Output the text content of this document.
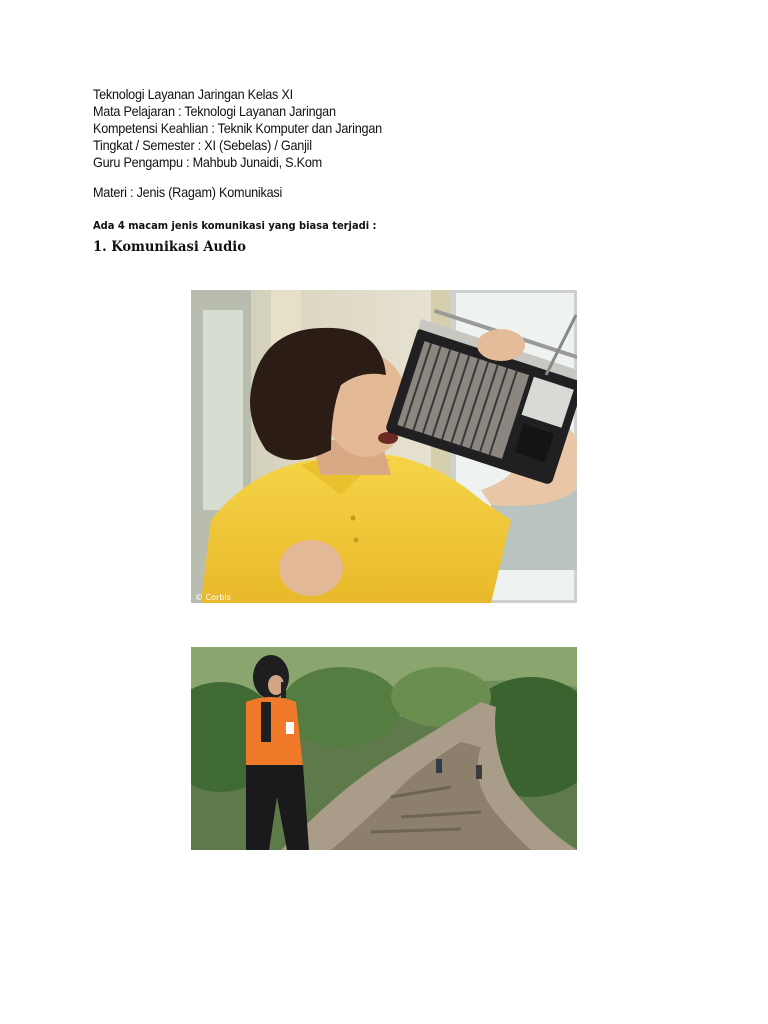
Teknologi Layanan Jaringan Kelas XI
Mata Pelajaran : Teknologi Layanan Jaringan
Kompetensi Keahlian : Teknik Komputer dan Jaringan
Tingkat / Semester : XI (Sebelas) / Ganjil
Guru Pengampu : Mahbub Junaidi, S.Kom
Materi : Jenis (Ragam) Komunikasi
Ada 4 macam jenis komunikasi yang biasa terjadi :
1. Komunikasi Audio
© Corbis
